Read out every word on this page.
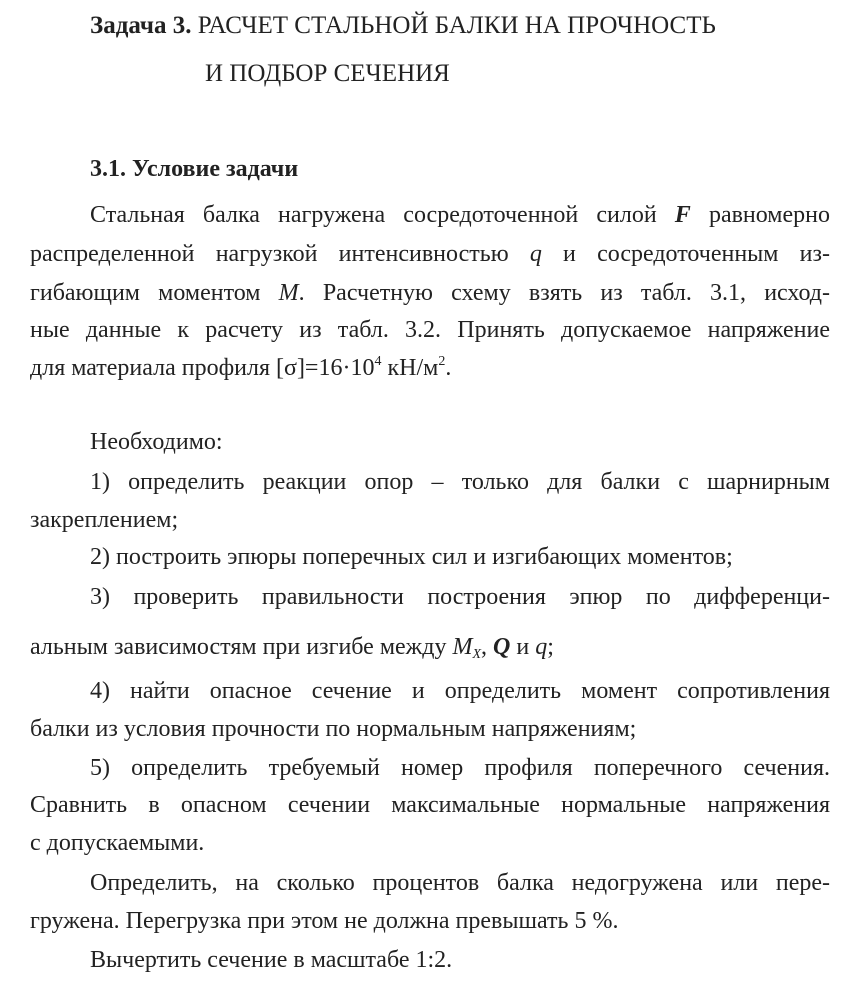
Задача 3. РАСЧЕТ СТАЛЬНОЙ БАЛКИ НА ПРОЧНОСТЬ
И ПОДБОР СЕЧЕНИЯ
3.1. Условие задачи
Стальная балка нагружена сосредоточенной силой F равномерно
распределенной нагрузкой интенсивностью q и сосредоточенным из-
гибающим моментом M. Расчетную схему взять из табл. 3.1, исход-
ные данные к расчету из табл. 3.2. Принять допускаемое напряжение
для материала профиля $[\sigma]=16\cdot 10^4$ $кН/м^2$.
Необходимо:
1) определить реакции опор – только для балки с шарнирным
закреплением;
2) построить эпюры поперечных сил и изгибающих моментов;
3) проверить правильности построения эпюр по дифференци-
альным зависимостям при изгибе между $M_X$, Q и q;
4) найти опасное сечение и определить момент сопротивления
балки из условия прочности по нормальным напряжениям;
5) определить требуемый номер профиля поперечного сечения.
Сравнить в опасном сечении максимальные нормальные напряжения
с допускаемыми.
Определить, на сколько процентов балка недогружена или пере-
гружена. Перегрузка при этом не должна превышать 5 %.
Вычертить сечение в масштабе 1:2.
